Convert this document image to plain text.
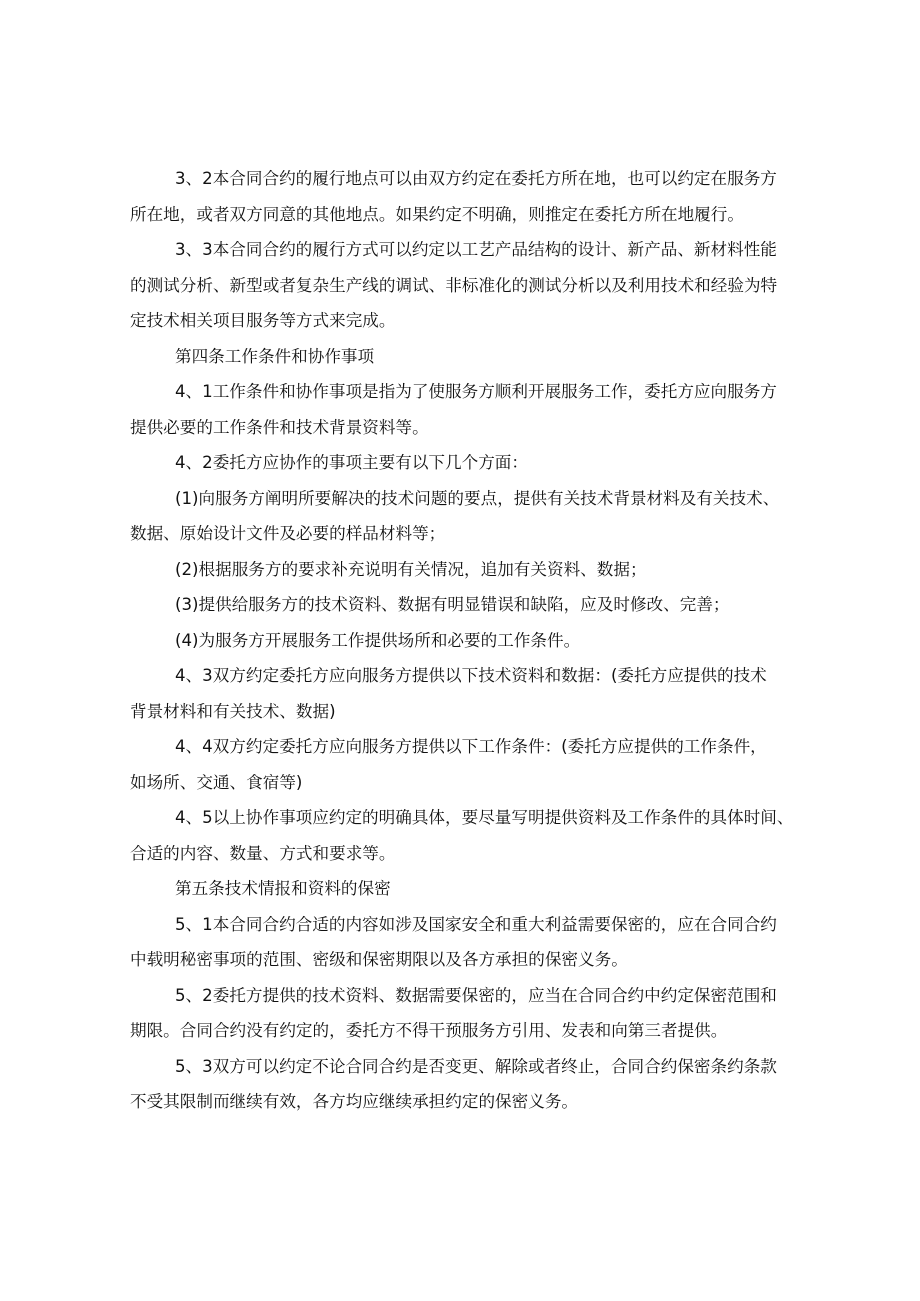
3、2本合同合约的履行地点可以由双方约定在委托方所在地，也可以约定在服务方
所在地，或者双方同意的其他地点。如果约定不明确，则推定在委托方所在地履行。
3、3本合同合约的履行方式可以约定以工艺产品结构的设计、新产品、新材料性能
的测试分析、新型或者复杂生产线的调试、非标准化的测试分析以及利用技术和经验为特
定技术相关项目服务等方式来完成。
第四条工作条件和协作事项
4、1工作条件和协作事项是指为了使服务方顺利开展服务工作，委托方应向服务方
提供必要的工作条件和技术背景资料等。
4、2委托方应协作的事项主要有以下几个方面：
(1)向服务方阐明所要解决的技术问题的要点，提供有关技术背景材料及有关技术、
数据、原始设计文件及必要的样品材料等；
(2)根据服务方的要求补充说明有关情况，追加有关资料、数据；
(3)提供给服务方的技术资料、数据有明显错误和缺陷，应及时修改、完善；
(4)为服务方开展服务工作提供场所和必要的工作条件。
4、3双方约定委托方应向服务方提供以下技术资料和数据：(委托方应提供的技术
背景材料和有关技术、数据)
4、4双方约定委托方应向服务方提供以下工作条件：(委托方应提供的工作条件，
如场所、交通、食宿等)
4、5以上协作事项应约定的明确具体，要尽量写明提供资料及工作条件的具体时间、
合适的内容、数量、方式和要求等。
第五条技术情报和资料的保密
5、1本合同合约合适的内容如涉及国家安全和重大利益需要保密的，应在合同合约
中载明秘密事项的范围、密级和保密期限以及各方承担的保密义务。
5、2委托方提供的技术资料、数据需要保密的，应当在合同合约中约定保密范围和
期限。合同合约没有约定的，委托方不得干预服务方引用、发表和向第三者提供。
5、3双方可以约定不论合同合约是否变更、解除或者终止，合同合约保密条约条款
不受其限制而继续有效，各方均应继续承担约定的保密义务。
